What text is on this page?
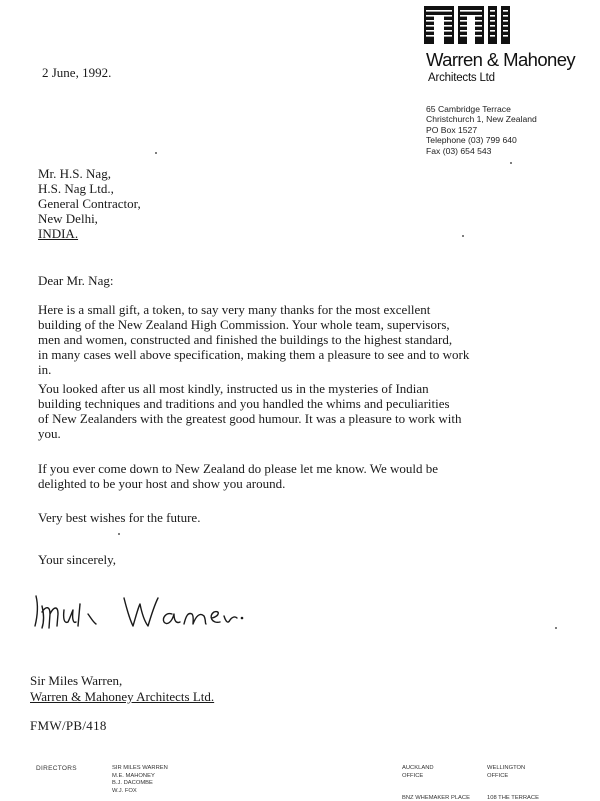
Warren & Mahoney
Architects Ltd
65 Cambridge Terrace
Christchurch 1, New Zealand
PO Box 1527
Telephone (03) 799 640
Fax (03) 654 543
2 June, 1992.
Mr. H.S. Nag,
H.S. Nag Ltd.,
General Contractor,
New Delhi,
INDIA.
Dear Mr. Nag:
Here is a small gift, a token, to say very many thanks for the most excellent
building of the New Zealand High Commission. Your whole team, supervisors,
men and women, constructed and finished the buildings to the highest standard,
in many cases well above specification, making them a pleasure to see and to work
in.
You looked after us all most kindly, instructed us in the mysteries of Indian
building techniques and traditions and you handled the whims and peculiarities
of New Zealanders with the greatest good humour. It was a pleasure to work with
you.
If you ever come down to New Zealand do please let me know. We would be
delighted to be your host and show you around.
Very best wishes for the future.
Your sincerely,
Sir Miles Warren,
Warren & Mahoney Architects Ltd.
FMW/PB/418
DIRECTORS	SIR MILES WARREN
M.E. MAHONEY
B.J. DACOMBE
W.J. FOX
AUCKLAND
OFFICE
WELLINGTON
OFFICE
BNZ WHEMAKER PLACE	108 THE TERRACE
